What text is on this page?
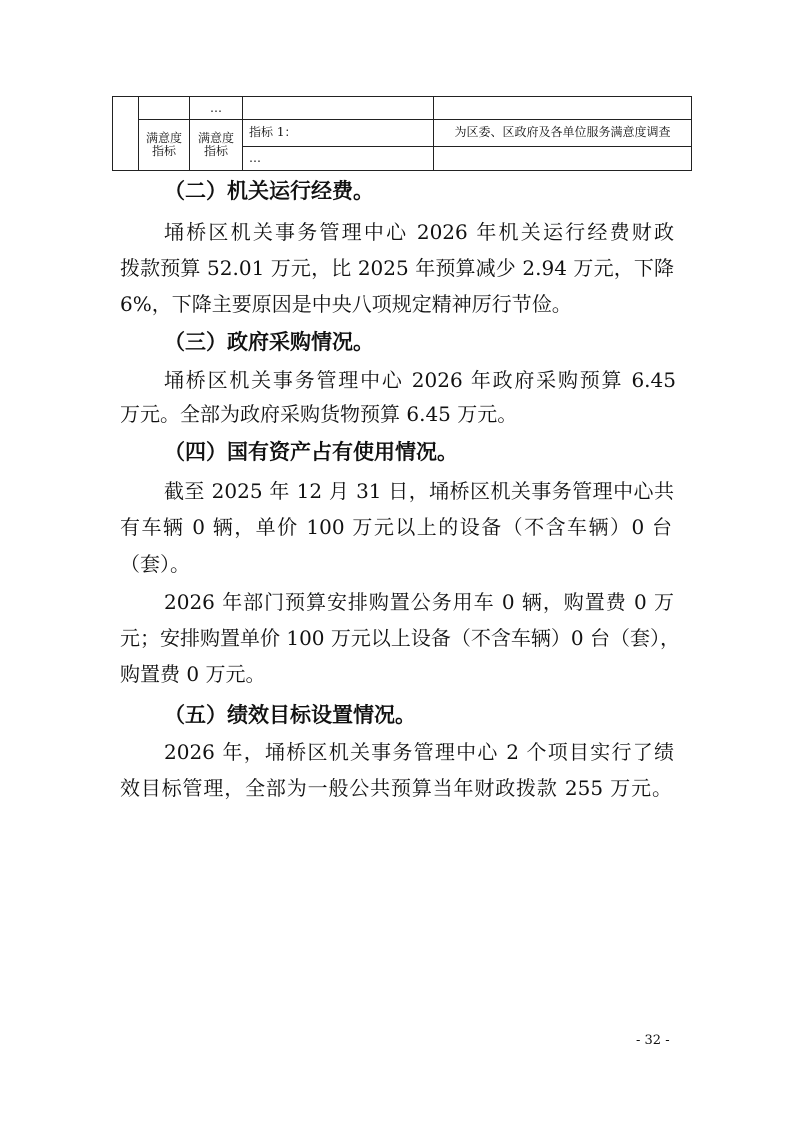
		…		
	满意度指标	满意度指标	指标 1：	为区委、区政府及各单位服务满意度调查
			…	
（二）机关运行经费。
埇桥区机关事务管理中心 2026 年机关运行经费财政
拨款预算 52.01 万元，比 2025 年预算减少 2.94 万元，下降
6%，下降主要原因是中央八项规定精神厉行节俭。
（三）政府采购情况。
埇桥区机关事务管理中心 2026 年政府采购预算 6.45
万元。全部为政府采购货物预算 6.45 万元。
（四）国有资产占有使用情况。
截至 2025 年 12 月 31 日，埇桥区机关事务管理中心共
有车辆 0 辆，单价 100 万元以上的设备（不含车辆）0 台
（套）。
2026 年部门预算安排购置公务用车 0 辆，购置费 0 万
元；安排购置单价 100 万元以上设备（不含车辆）0 台（套），
购置费 0 万元。
（五）绩效目标设置情况。
2026 年，埇桥区机关事务管理中心 2 个项目实行了绩
效目标管理，全部为一般公共预算当年财政拨款 255 万元。
- 32 -
